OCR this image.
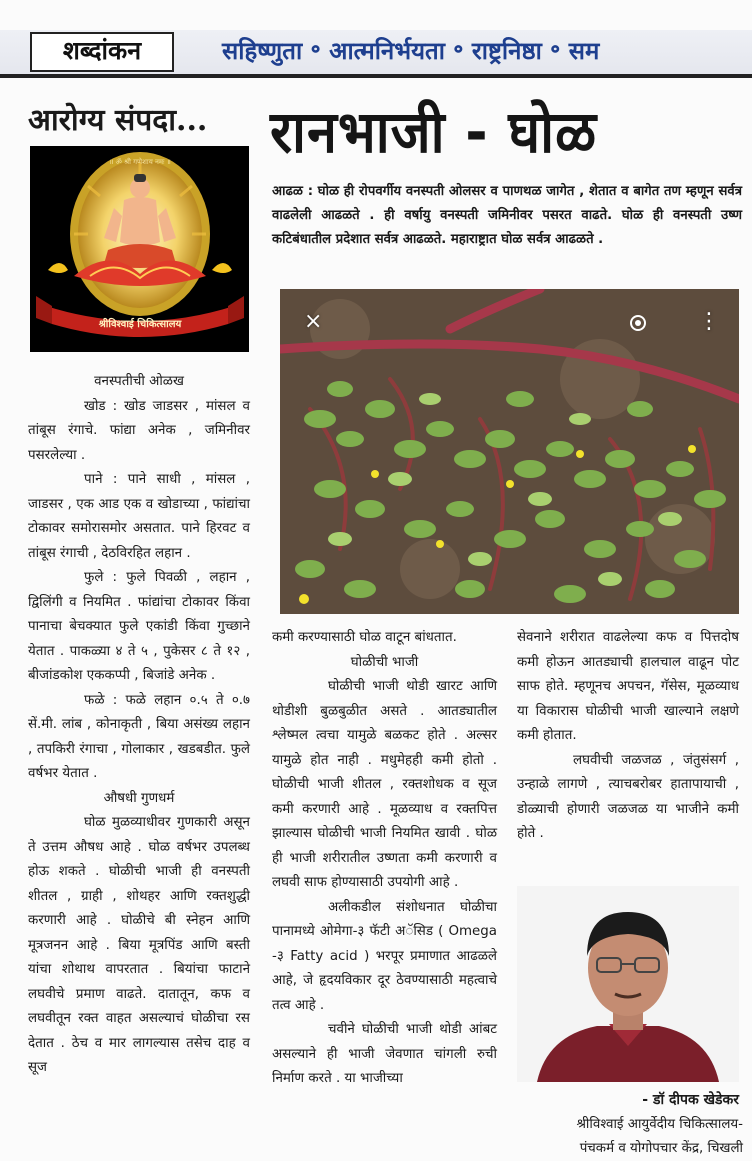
शब्दांकन	सहिष्णुता ॰ आत्मनिर्भयता ॰ राष्ट्रनिष्ठा ॰ सम
आरोग्य संपदा... रानभाजी - घोळ
आढळ : घोळ ही रोपवर्गीय वनस्पती ओलसर व पाणथळ जागेत , शेतात व बागेत तण म्हणून सर्वत्र वाढलेली आढळते . ही वर्षायु वनस्पती जमिनीवर पसरत वाढते. घोळ ही वनस्पती उष्ण कटिबंधातील प्रदेशात सर्वत्र आढळते. महाराष्ट्रात घोळ सर्वत्र आढळते .
॥ ॐ श्री गणेशाय नमः ॥
श्रीविश्वाई चिकित्सालय	×	⋮

वनस्पतीची ओळख

खोड : खोड जाडसर , मांसल व तांबूस रंगाचे. फांद्या अनेक , जमिनीवर पसरलेल्या .

पाने : पाने साधी , मांसल , जाडसर , एक आड एक व खोडाच्या , फांद्यांचा टोकावर समोरासमोर असतात. पाने हिरवट व तांबूस रंगाची , देठविरहित लहान .

फुले : फुले पिवळी , लहान , द्विलिंगी व नियमित . फांद्यांचा टोकावर किंवा पानाचा बेचक्यात फुले एकांडी किंवा गुच्छाने येतात . पाकळ्या ४ ते ५ , पुकेसर ८ ते १२ , बीजांडकोश एककप्पी , बिजांडे अनेक .

फळे : फळे लहान ०.५ ते ०.७ सें.मी. लांब , कोनाकृती , बिया असंख्य लहान , तपकिरी रंगाचा , गोलाकार , खडबडीत. फुले वर्षभर येतात .

औषधी गुणधर्म

घोळ मुळव्याधीवर गुणकारी असून ते उत्तम औषध आहे . घोळ वर्षभर उपलब्ध होऊ शकते . घोळीची भाजी ही वनस्पती शीतल , ग्राही , शोथहर आणि रक्तशुद्धी करणारी आहे . घोळीचे बी स्नेहन आणि मूत्रजनन आहे . बिया मूत्रपिंड आणि बस्ती यांचा शोथाथ वापरतात . बियांचा फाटाने लघवीचे प्रमाण वाढते. दातातून, कफ व लघवीतून रक्त वाहत असल्याचं घोळीचा रस देतात . ठेच व मार लागल्यास तसेच दाह व सूज

कमी करण्यासाठी घोळ वाटून बांधतात.

घोळीची भाजी

घोळीची भाजी थोडी खारट आणि थोडीशी बुळबुळीत असते . आतड्यातील श्लेष्मल त्वचा यामुळे बळकट होते . अल्सर यामुळे होत नाही . मधुमेहही कमी होतो . घोळीची भाजी शीतल , रक्तशोधक व सूज कमी करणारी आहे . मूळव्याध व रक्तपित्त झाल्यास घोळीची भाजी नियमित खावी . घोळ ही भाजी शरीरातील उष्णता कमी करणारी व लघवी साफ होण्यासाठी उपयोगी आहे .

अलीकडील संशोधनात घोळीचा पानामध्ये ओमेगा-३ फॅटी अॅसिड ( Omega -३ Fatty acid ) भरपूर प्रमाणात आढळले आहे, जे हृदयविकार दूर ठेवण्यासाठी महत्वाचे तत्व आहे .

चवीने घोळीची भाजी थोडी आंबट असल्याने ही भाजी जेवणात चांगली रुची निर्माण करते . या भाजीच्या

सेवनाने शरीरात वाढलेल्या कफ व पित्तदोष कमी होऊन आतड्याची हालचाल वाढून पोट साफ होते. म्हणूनच अपचन, गॅसेस, मूळव्याध या विकारास घोळीची भाजी खाल्याने लक्षणे कमी होतात.

लघवीची जळजळ , जंतुसंसर्ग , उन्हाळे लागणे , त्याचबरोबर हातापायाची , डोळ्याची होणारी जळजळ या भाजीने कमी होते .

- डॉ दीपक खेडेकर
श्रीविश्वाई आयुर्वेदीय चिकित्सालय-
पंचकर्म व योगोपचार केंद्र, चिखली
